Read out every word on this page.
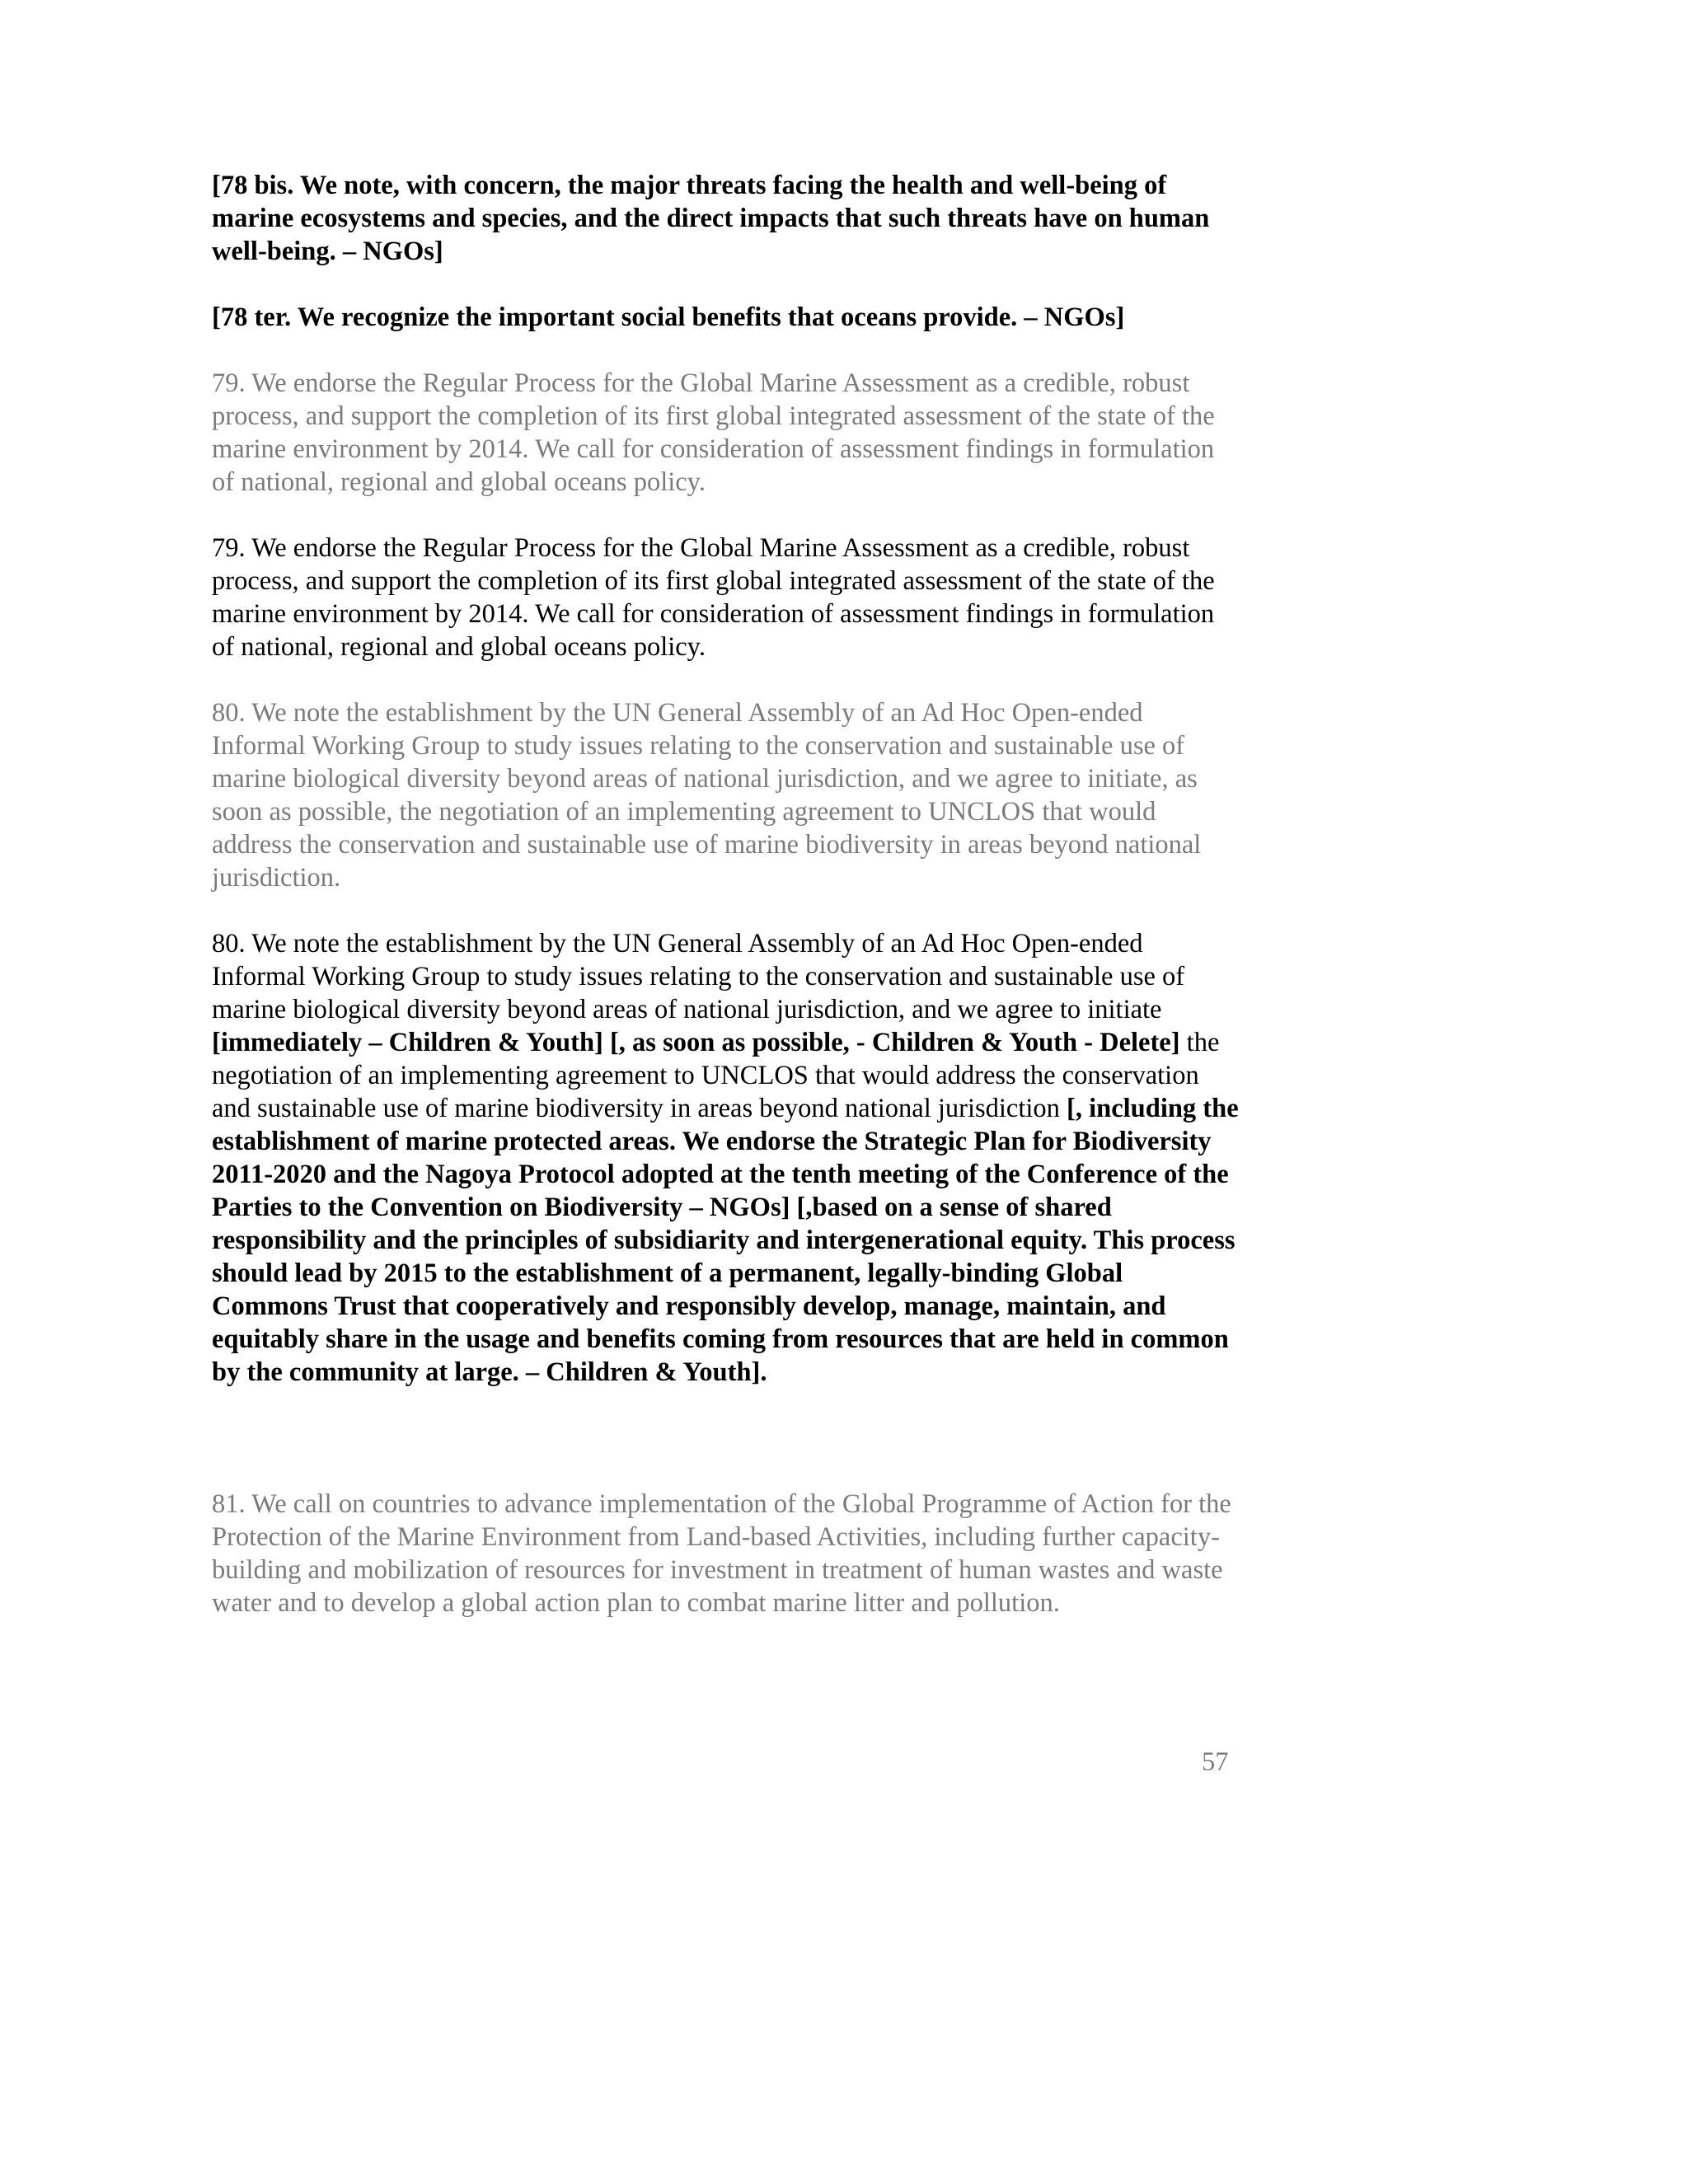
[78 bis. We note, with concern, the major threats facing the health and well-being of marine ecosystems and species, and the direct impacts that such threats have on human well-being. – NGOs]

[78 ter. We recognize the important social benefits that oceans provide. – NGOs]

79. We endorse the Regular Process for the Global Marine Assessment as a credible, robust process, and support the completion of its first global integrated assessment of the state of the marine environment by 2014. We call for consideration of assessment findings in formulation of national, regional and global oceans policy.

79. We endorse the Regular Process for the Global Marine Assessment as a credible, robust process, and support the completion of its first global integrated assessment of the state of the marine environment by 2014. We call for consideration of assessment findings in formulation of national, regional and global oceans policy.

80. We note the establishment by the UN General Assembly of an Ad Hoc Open-ended Informal Working Group to study issues relating to the conservation and sustainable use of marine biological diversity beyond areas of national jurisdiction, and we agree to initiate, as soon as possible, the negotiation of an implementing agreement to UNCLOS that would address the conservation and sustainable use of marine biodiversity in areas beyond national jurisdiction.

80. We note the establishment by the UN General Assembly of an Ad Hoc Open-ended Informal Working Group to study issues relating to the conservation and sustainable use of marine biological diversity beyond areas of national jurisdiction, and we agree to initiate [immediately – Children & Youth] [, as soon as possible, - Children & Youth - Delete] the negotiation of an implementing agreement to UNCLOS that would address the conservation and sustainable use of marine biodiversity in areas beyond national jurisdiction [, including the establishment of marine protected areas. We endorse the Strategic Plan for Biodiversity 2011-2020 and the Nagoya Protocol adopted at the tenth meeting of the Conference of the Parties to the Convention on Biodiversity – NGOs] [,based on a sense of shared responsibility and the principles of subsidiarity and intergenerational equity. This process should lead by 2015 to the establishment of a permanent, legally-binding Global Commons Trust that cooperatively and responsibly develop, manage, maintain, and equitably share in the usage and benefits coming from resources that are held in common by the community at large. – Children & Youth].

81. We call on countries to advance implementation of the Global Programme of Action for the Protection of the Marine Environment from Land-based Activities, including further capacity-building and mobilization of resources for investment in treatment of human wastes and waste water and to develop a global action plan to combat marine litter and pollution.

57
